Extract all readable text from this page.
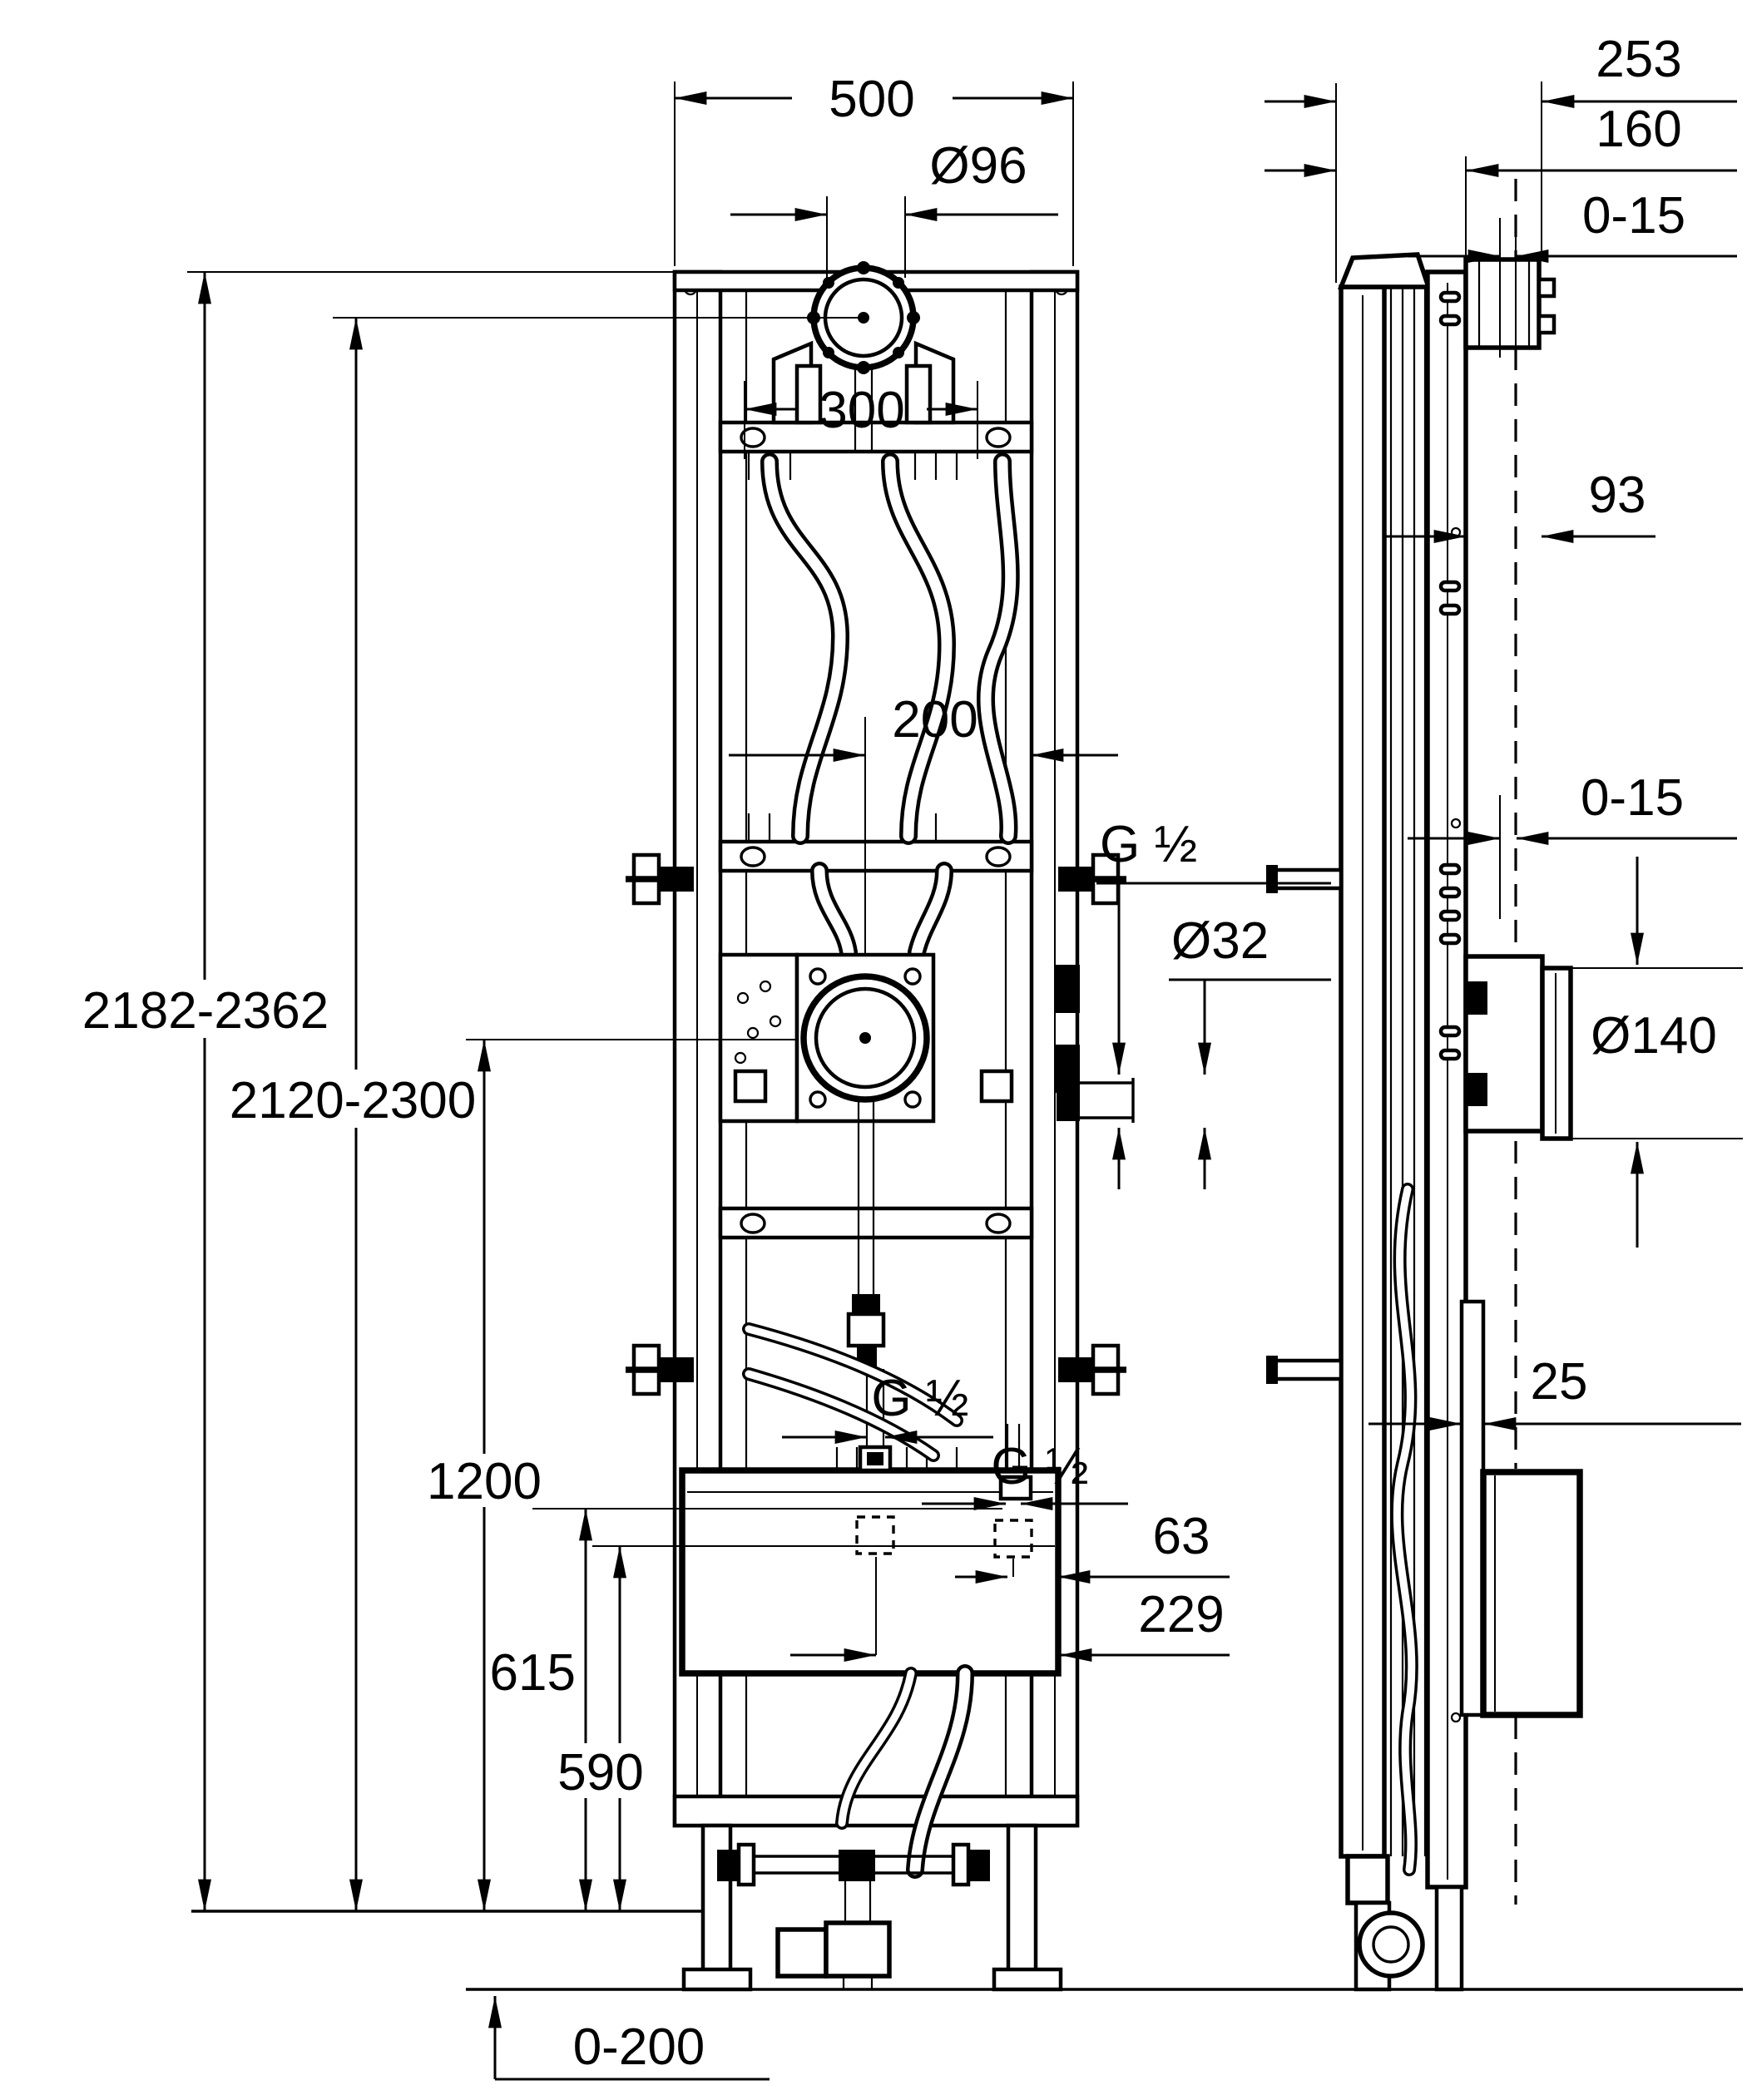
500
Ø96
300
200
G ½
Ø32
G ½
G ½
63
229
2182-2362
2120-2300
1200
615
590
0-200
253
160
0-15
93
0-15
Ø140
25
